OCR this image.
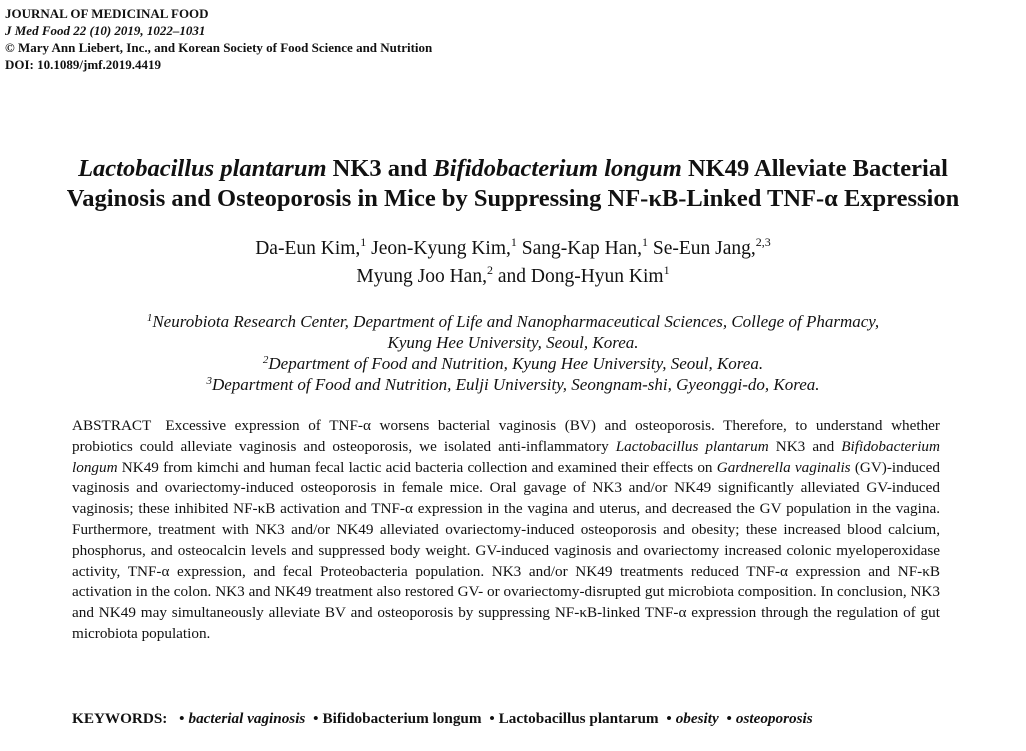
JOURNAL OF MEDICINAL FOOD
J Med Food 22 (10) 2019, 1022–1031
© Mary Ann Liebert, Inc., and Korean Society of Food Science and Nutrition
DOI: 10.1089/jmf.2019.4419
Lactobacillus plantarum NK3 and Bifidobacterium longum NK49 Alleviate Bacterial
Vaginosis and Osteoporosis in Mice by Suppressing NF-κB-Linked TNF-α Expression
Da-Eun Kim,$^1$ Jeon-Kyung Kim,$^1$ Sang-Kap Han,$^1$ Se-Eun Jang,$^{2,3}$
Myung Joo Han,$^2$ and Dong-Hyun Kim$^1$
$^1$Neurobiota Research Center, Department of Life and Nanopharmaceutical Sciences, College of Pharmacy,
Kyung Hee University, Seoul, Korea.
$^2$Department of Food and Nutrition, Kyung Hee University, Seoul, Korea.
$^3$Department of Food and Nutrition, Eulji University, Seongnam-shi, Gyeonggi-do, Korea.

ABSTRACT Excessive expression of TNF-α worsens bacterial vaginosis (BV) and osteoporosis. Therefore, to understand whether probiotics could alleviate vaginosis and osteoporosis, we isolated anti-inflammatory Lactobacillus plantarum NK3 and Bifidobacterium longum NK49 from kimchi and human fecal lactic acid bacteria collection and examined their effects on Gardnerella vaginalis (GV)-induced vaginosis and ovariectomy-induced osteoporosis in female mice. Oral gavage of NK3 and/or NK49 significantly alleviated GV-induced vaginosis; these inhibited NF-κB activation and TNF-α expression in the vagina and uterus, and decreased the GV population in the vagina. Furthermore, treatment with NK3 and/or NK49 alleviated ovariectomy-induced osteoporosis and obesity; these increased blood calcium, phosphorus, and osteocalcin levels and suppressed body weight. GV-induced vaginosis and ovariectomy increased colonic myeloperoxidase activity, TNF-α expression, and fecal Proteobacteria population. NK3 and/or NK49 treatments reduced TNF-α expression and NF-κB activation in the colon. NK3 and NK49 treatment also restored GV- or ovariectomy-disrupted gut microbiota composition. In conclusion, NK3 and NK49 may simultaneously alleviate BV and osteoporosis by suppressing NF-κB-linked TNF-α expression through the regulation of gut microbiota population.

KEYWORDS: • bacterial vaginosis • Bifidobacterium longum • Lactobacillus plantarum • obesity • osteoporosis
